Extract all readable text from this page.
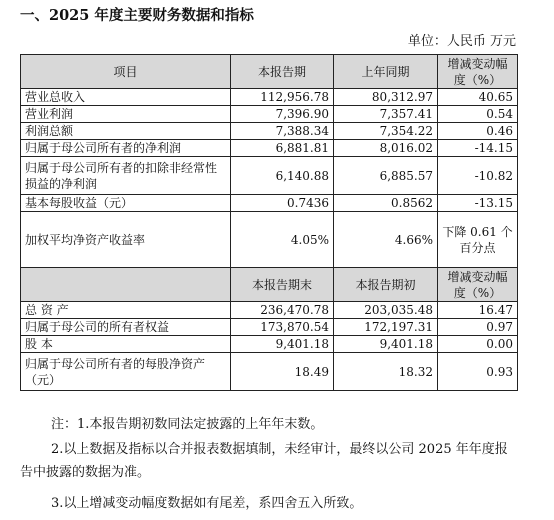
一、2025 年度主要财务数据和指标
单位：人民币 万元
项目	本报告期	上年同期	增减变动幅度（%）
营业总收入	112,956.78	80,312.97	40.65
营业利润	7,396.90	7,357.41	0.54
利润总额	7,388.34	7,354.22	0.46
归属于母公司所有者的净利润	6,881.81	8,016.02	-14.15
归属于母公司所有者的扣除非经常性损益的净利润	6,140.88	6,885.57	-10.82
基本每股收益（元）	0.7436	0.8562	-13.15
加权平均净资产收益率	4.05%	4.66%	下降 0.61 个百分点
	本报告期末	本报告期初	增减变动幅度（%）
总 资 产	236,470.78	203,035.48	16.47
归属于母公司的所有者权益	173,870.54	172,197.31	0.97
股 本	9,401.18	9,401.18	0.00
归属于母公司所有者的每股净资产（元）	18.49	18.32	0.93
注：1.本报告期初数同法定披露的上年年末数。
2.以上数据及指标以合并报表数据填制，未经审计，最终以公司 2025 年年度报告中披露的数据为准。
3.以上增减变动幅度数据如有尾差，系四舍五入所致。
